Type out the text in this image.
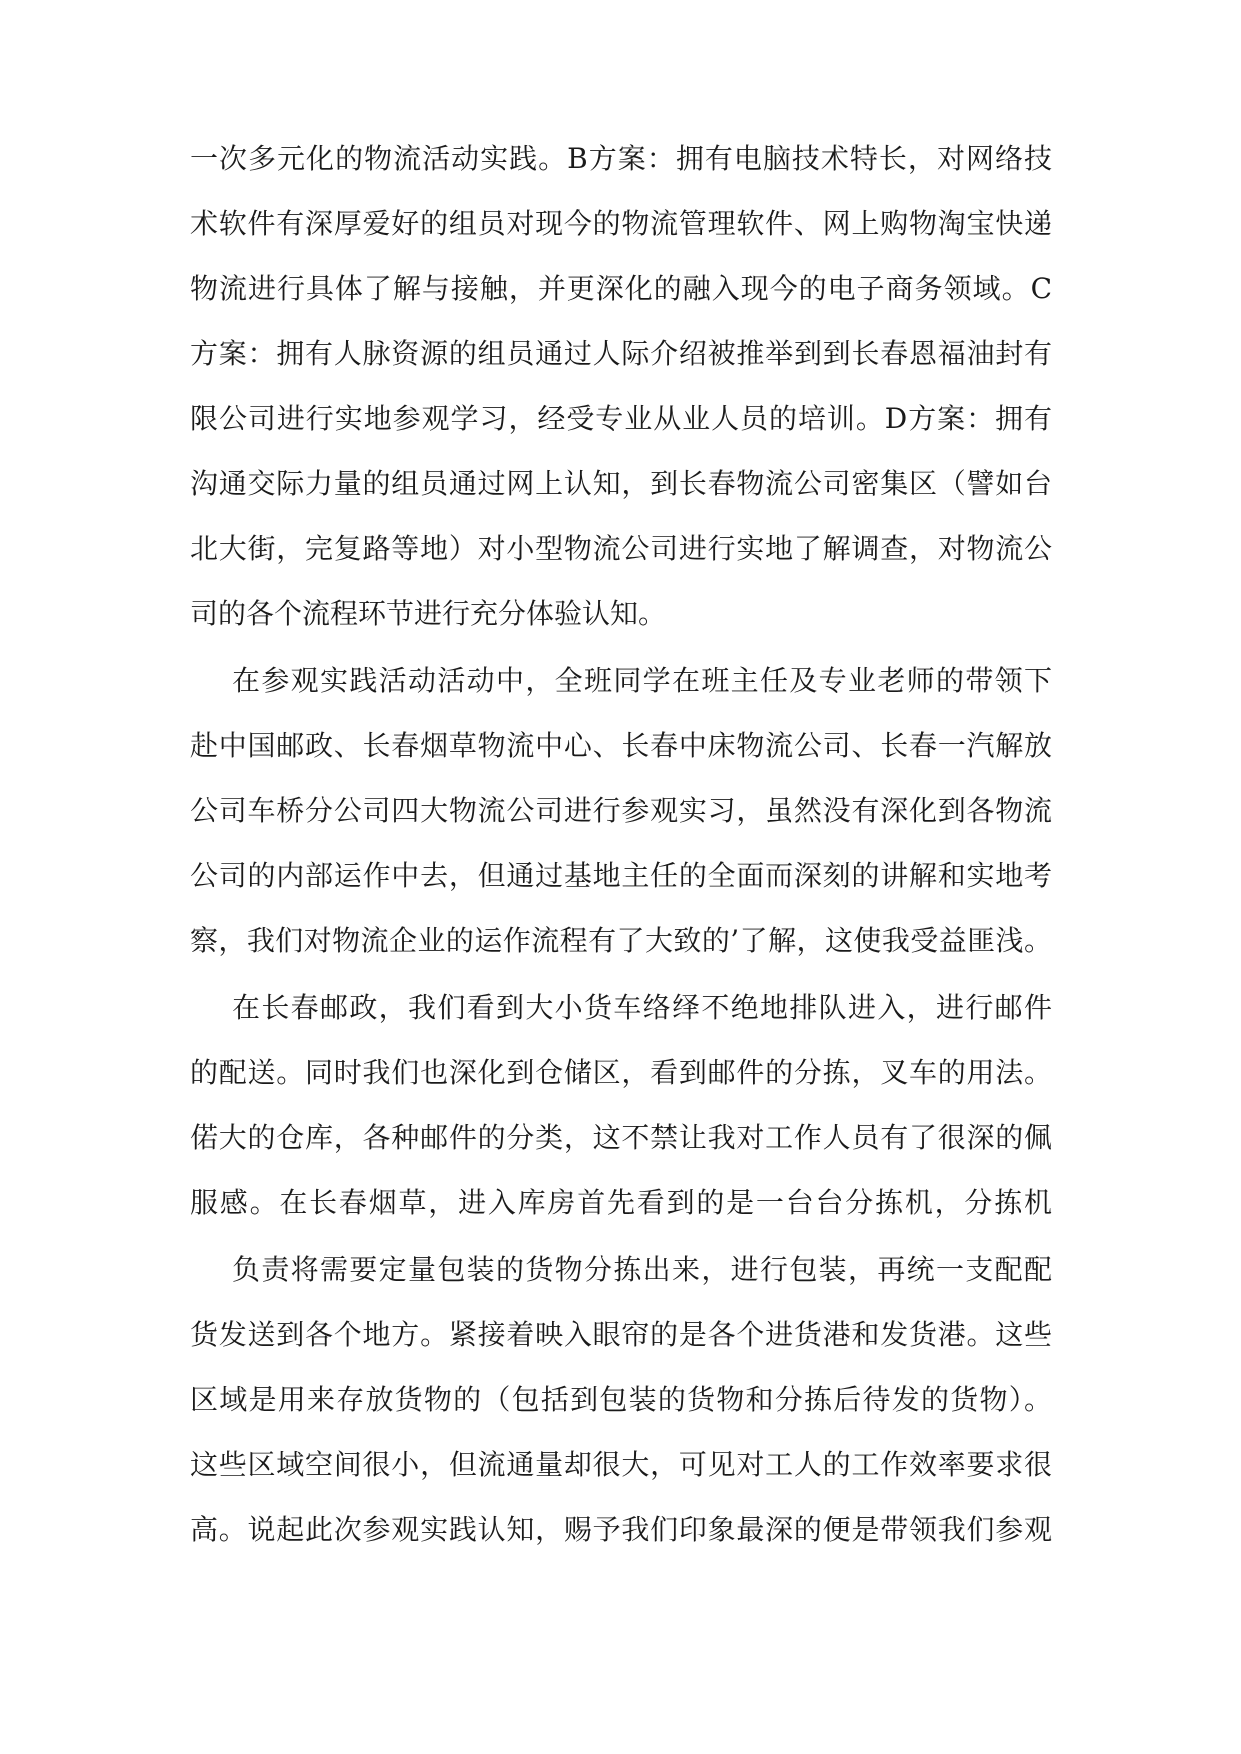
一次多元化的物流活动实践。B方案：拥有电脑技术特长，对网络技
术软件有深厚爱好的组员对现今的物流管理软件、网上购物淘宝快递
物流进行具体了解与接触，并更深化的融入现今的电子商务领域。C
方案：拥有人脉资源的组员通过人际介绍被推举到到长春恩福油封有
限公司进行实地参观学习，经受专业从业人员的培训。D方案：拥有
沟通交际力量的组员通过网上认知，到长春物流公司密集区（譬如台
北大街，完复路等地）对小型物流公司进行实地了解调查，对物流公
司的各个流程环节进行充分体验认知。
在参观实践活动活动中，全班同学在班主任及专业老师的带领下
赴中国邮政、长春烟草物流中心、长春中床物流公司、长春一汽解放
公司车桥分公司四大物流公司进行参观实习，虽然没有深化到各物流
公司的内部运作中去，但通过基地主任的全面而深刻的讲解和实地考
察，我们对物流企业的运作流程有了大致的’了解，这使我受益匪浅。
在长春邮政，我们看到大小货车络绎不绝地排队进入，进行邮件
的配送。同时我们也深化到仓储区，看到邮件的分拣，叉车的用法。
偌大的仓库，各种邮件的分类，这不禁让我对工作人员有了很深的佩
服感。在长春烟草，进入库房首先看到的是一台台分拣机，分拣机
负责将需要定量包装的货物分拣出来，进行包装，再统一支配配
货发送到各个地方。紧接着映入眼帘的是各个进货港和发货港。这些
区域是用来存放货物的（包括到包装的货物和分拣后待发的货物）。
这些区域空间很小，但流通量却很大，可见对工人的工作效率要求很
高。说起此次参观实践认知，赐予我们印象最深的便是带领我们参观
